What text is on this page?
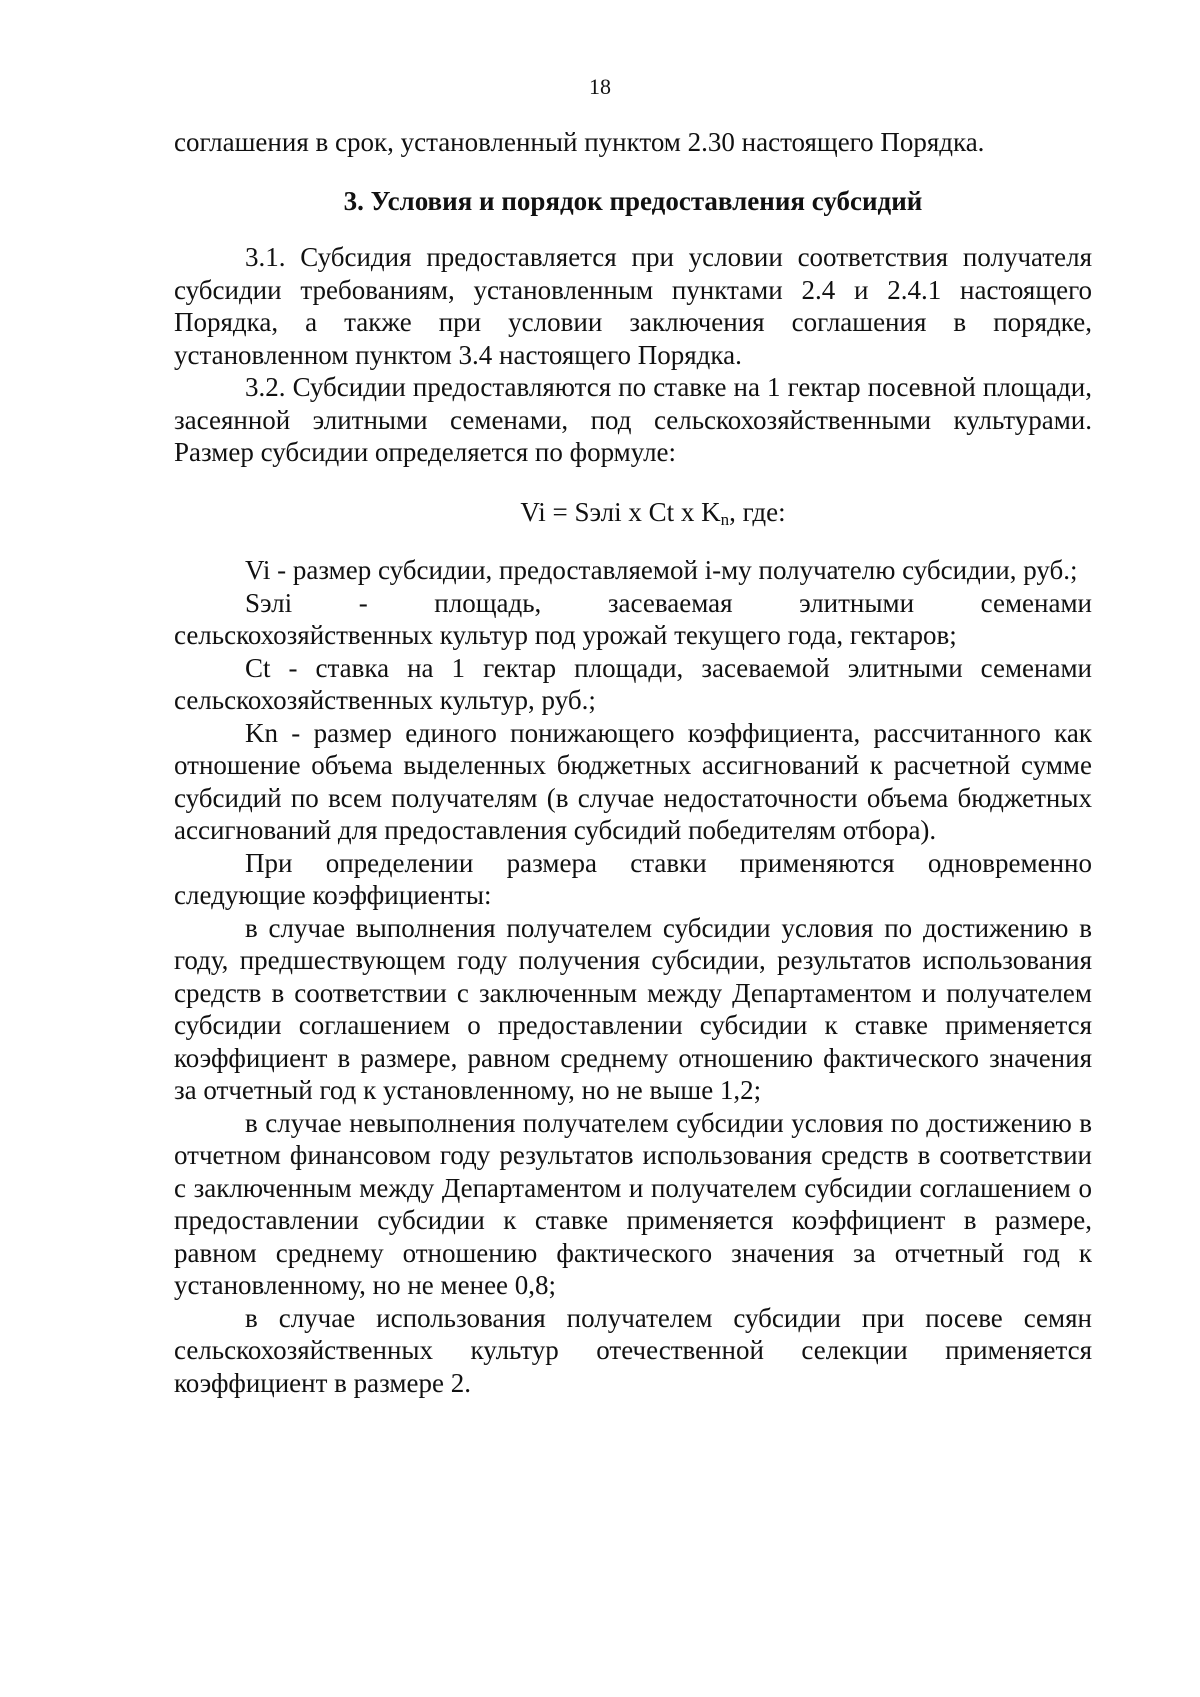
18

соглашения в срок, установленный пунктом 2.30 настоящего Порядка.

3. Условия и порядок предоставления субсидий

3.1. Субсидия предоставляется при условии соответствия получателя субсидии требованиям, установленным пунктами 2.4 и 2.4.1 настоящего Порядка, а также при условии заключения соглашения в порядке, установленном пунктом 3.4 настоящего Порядка.

3.2. Субсидии предоставляются по ставке на 1 гектар посевной площади, засеянной элитными семенами, под сельскохозяйственными культурами. Размер субсидии определяется по формуле:

Vi = Sэлі x Ct x $K_n$, где:

Vi - размер субсидии, предоставляемой i-му получателю субсидии, руб.;

Sэлі - площадь, засеваемая элитными семенами

сельскохозяйственных культур под урожай текущего года, гектаров;

Ct - ставка на 1 гектар площади, засеваемой элитными семенами сельскохозяйственных культур, руб.;

Kn - размер единого понижающего коэффициента, рассчитанного как отношение объема выделенных бюджетных ассигнований к расчетной сумме субсидий по всем получателям (в случае недостаточности объема бюджетных ассигнований для предоставления субсидий победителям отбора).

При определении размера ставки применяются одновременно следующие коэффициенты:

в случае выполнения получателем субсидии условия по достижению в году, предшествующем году получения субсидии, результатов использования средств в соответствии с заключенным между Департаментом и получателем субсидии соглашением о предоставлении субсидии к ставке применяется коэффициент в размере, равном среднему отношению фактического значения за отчетный год к установленному, но не выше 1,2;

в случае невыполнения получателем субсидии условия по достижению в отчетном финансовом году результатов использования средств в соответствии с заключенным между Департаментом и получателем субсидии соглашением о предоставлении субсидии к ставке применяется коэффициент в размере, равном среднему отношению фактического значения за отчетный год к установленному, но не менее 0,8;

в случае использования получателем субсидии при посеве семян сельскохозяйственных культур отечественной селекции применяется коэффициент в размере 2.
